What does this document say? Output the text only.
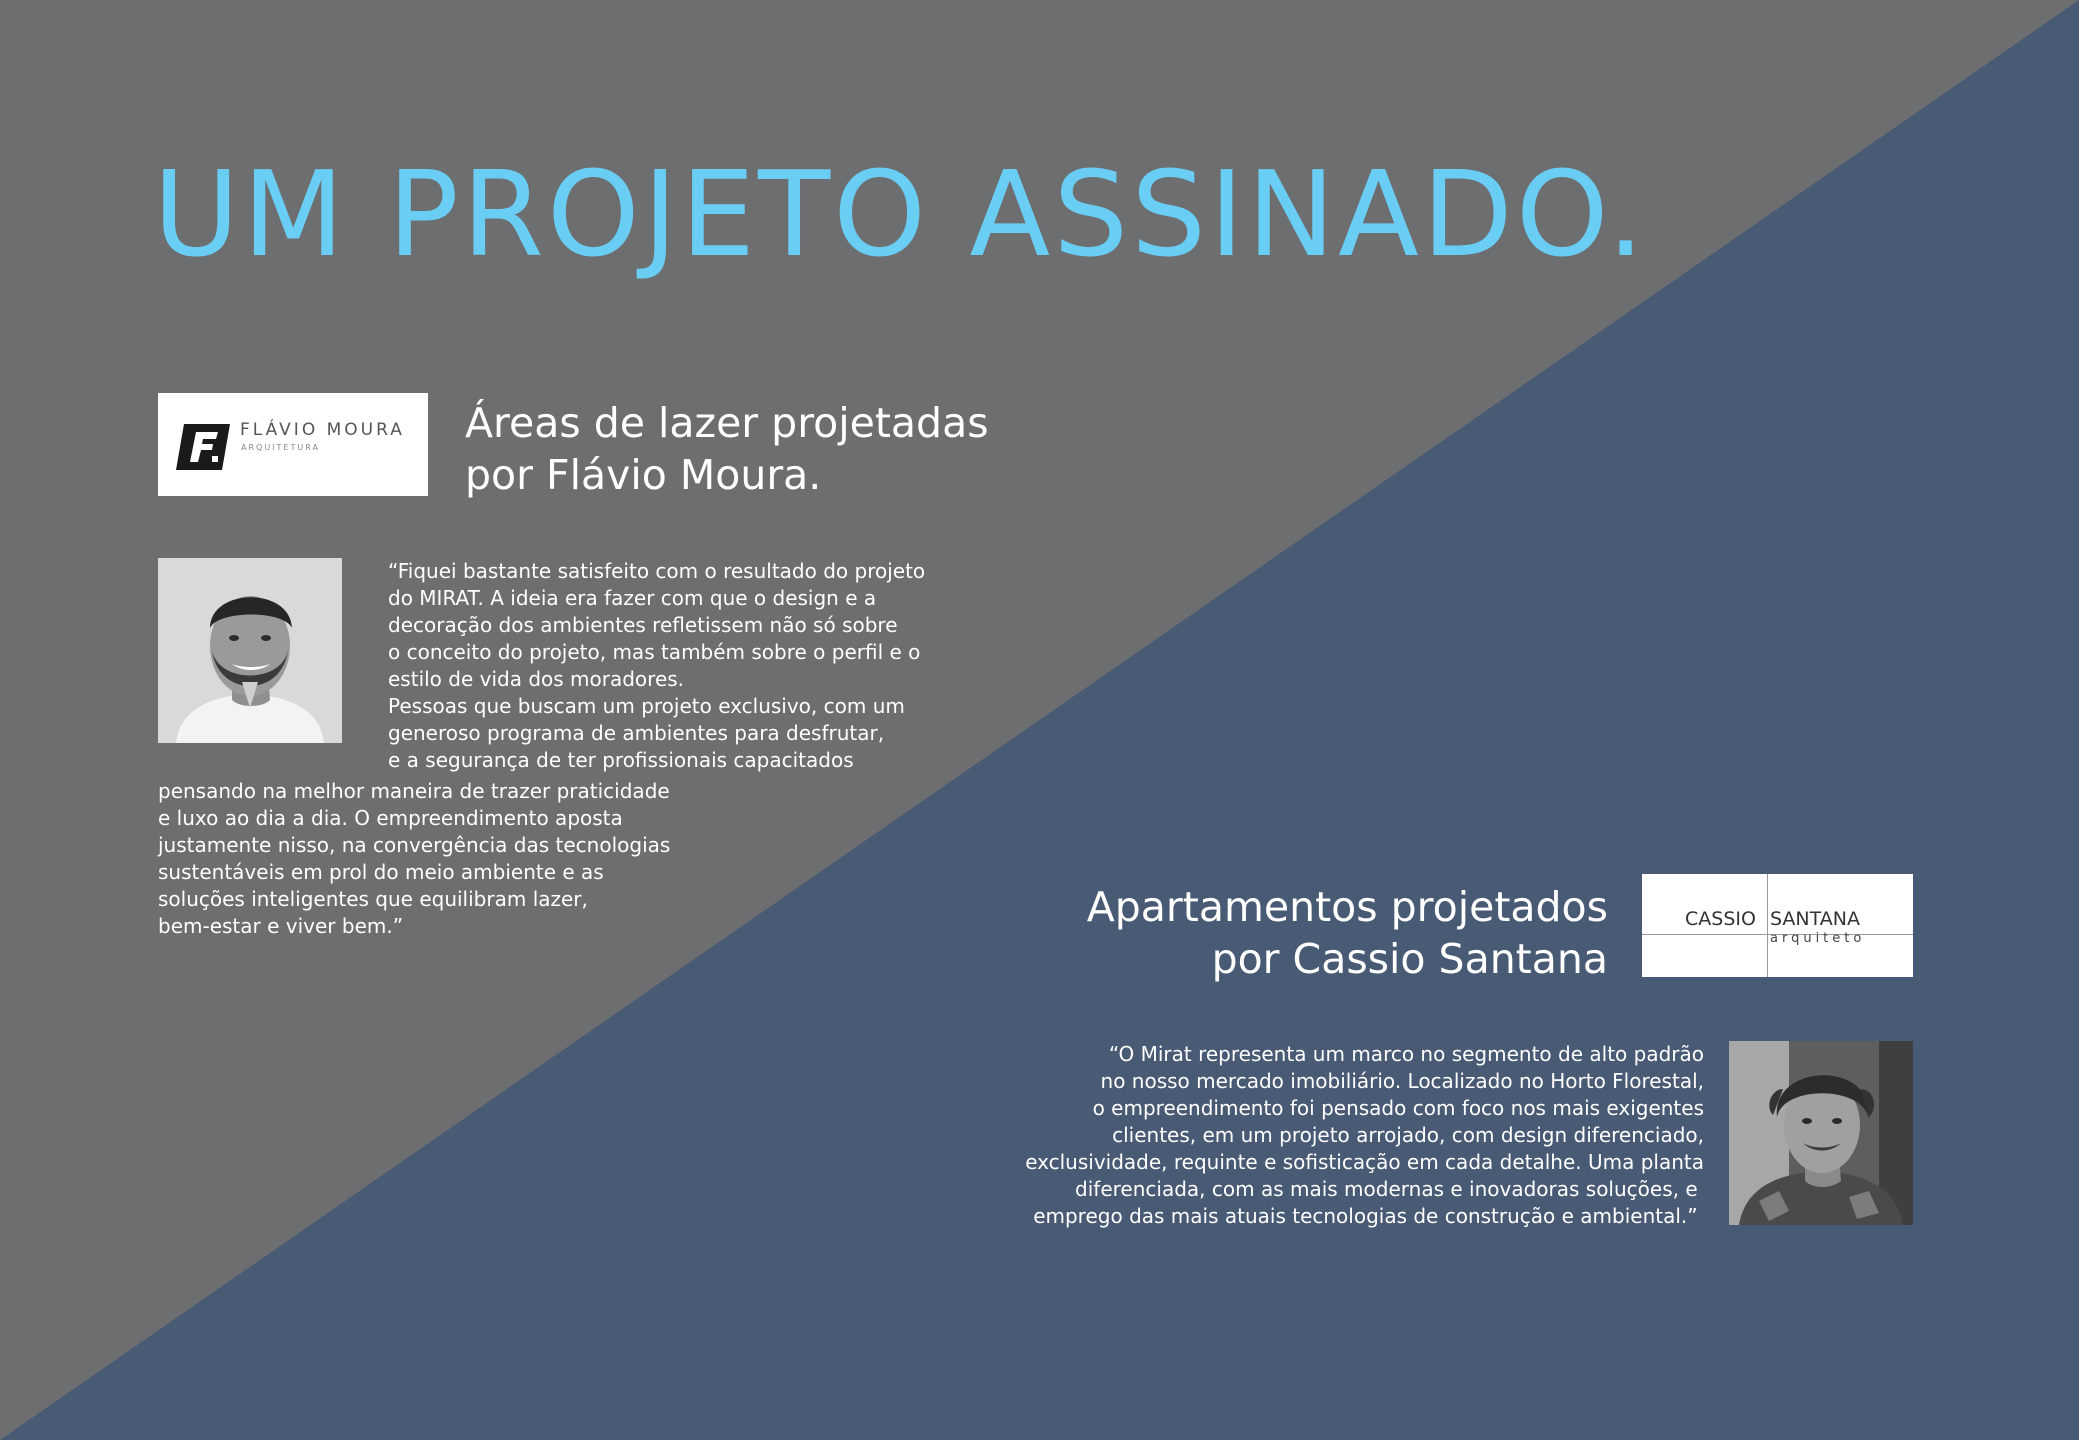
UM PROJETO ASSINADO.
FLÁVIO MOURA
ARQUITETURA
Áreas de lazer projetadas
por Flávio Moura.

“Fiquei bastante satisfeito com o resultado do projeto
do MIRAT. A ideia era fazer com que o design e a
decoração dos ambientes refletissem não só sobre
o conceito do projeto, mas também sobre o perfil e o
estilo de vida dos moradores.
Pessoas que buscam um projeto exclusivo, com um
generoso programa de ambientes para desfrutar,
e a segurança de ter profissionais capacitados

pensando na melhor maneira de trazer praticidade
e luxo ao dia a dia. O empreendimento aposta
justamente nisso, na convergência das tecnologias
sustentáveis em prol do meio ambiente e as
soluções inteligentes que equilibram lazer,
bem-estar e viver bem.”	Apartamentos projetados
por Cassio Santana
CASSIO SANTANA
arquiteto

“O Mirat representa um marco no segmento de alto padrão
no nosso mercado imobiliário. Localizado no Horto Florestal,
o empreendimento foi pensado com foco nos mais exigentes
clientes, em um projeto arrojado, com design diferenciado,
exclusividade, requinte e sofisticação em cada detalhe. Uma planta
diferenciada, com as mais modernas e inovadoras soluções, e
emprego das mais atuais tecnologias de construção e ambiental.”
